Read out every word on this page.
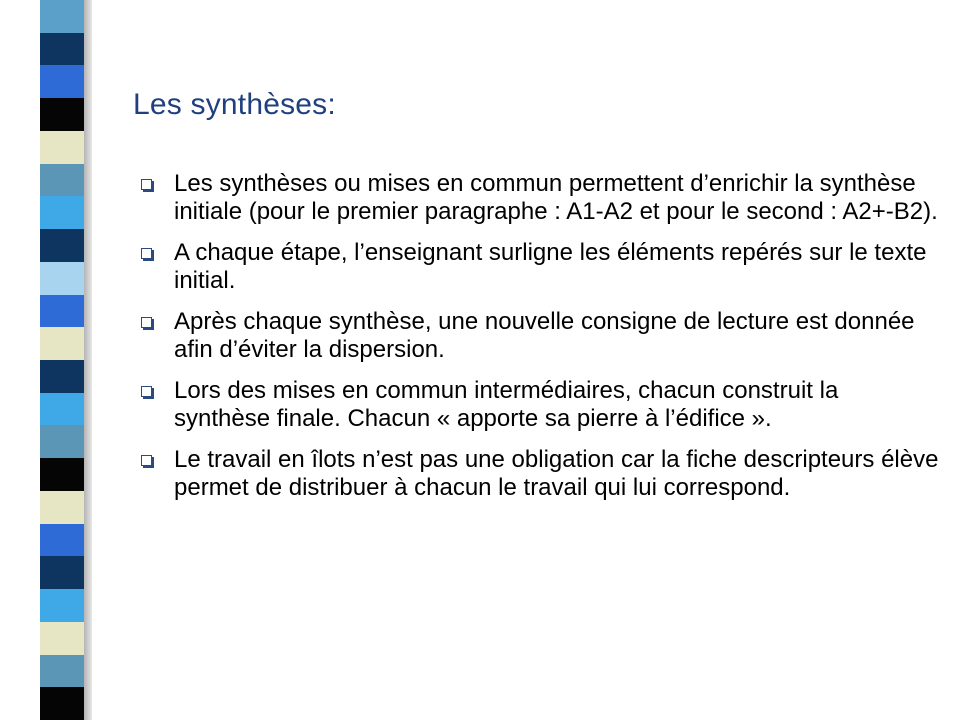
Les synthèses:
Les synthèses ou mises en commun permettent d’enrichir la synthèse initiale (pour le premier paragraphe : A1-A2 et pour le second : A2+-B2).
A chaque étape, l’enseignant surligne les éléments repérés sur le texte initial.
Après chaque synthèse, une nouvelle consigne de lecture est donnée afin d’éviter la dispersion.
Lors des mises en commun intermédiaires, chacun construit la synthèse finale. Chacun « apporte sa pierre à l’édifice ».
Le travail en îlots n’est pas une obligation car la fiche descripteurs élève permet de distribuer à chacun le travail qui lui correspond.
